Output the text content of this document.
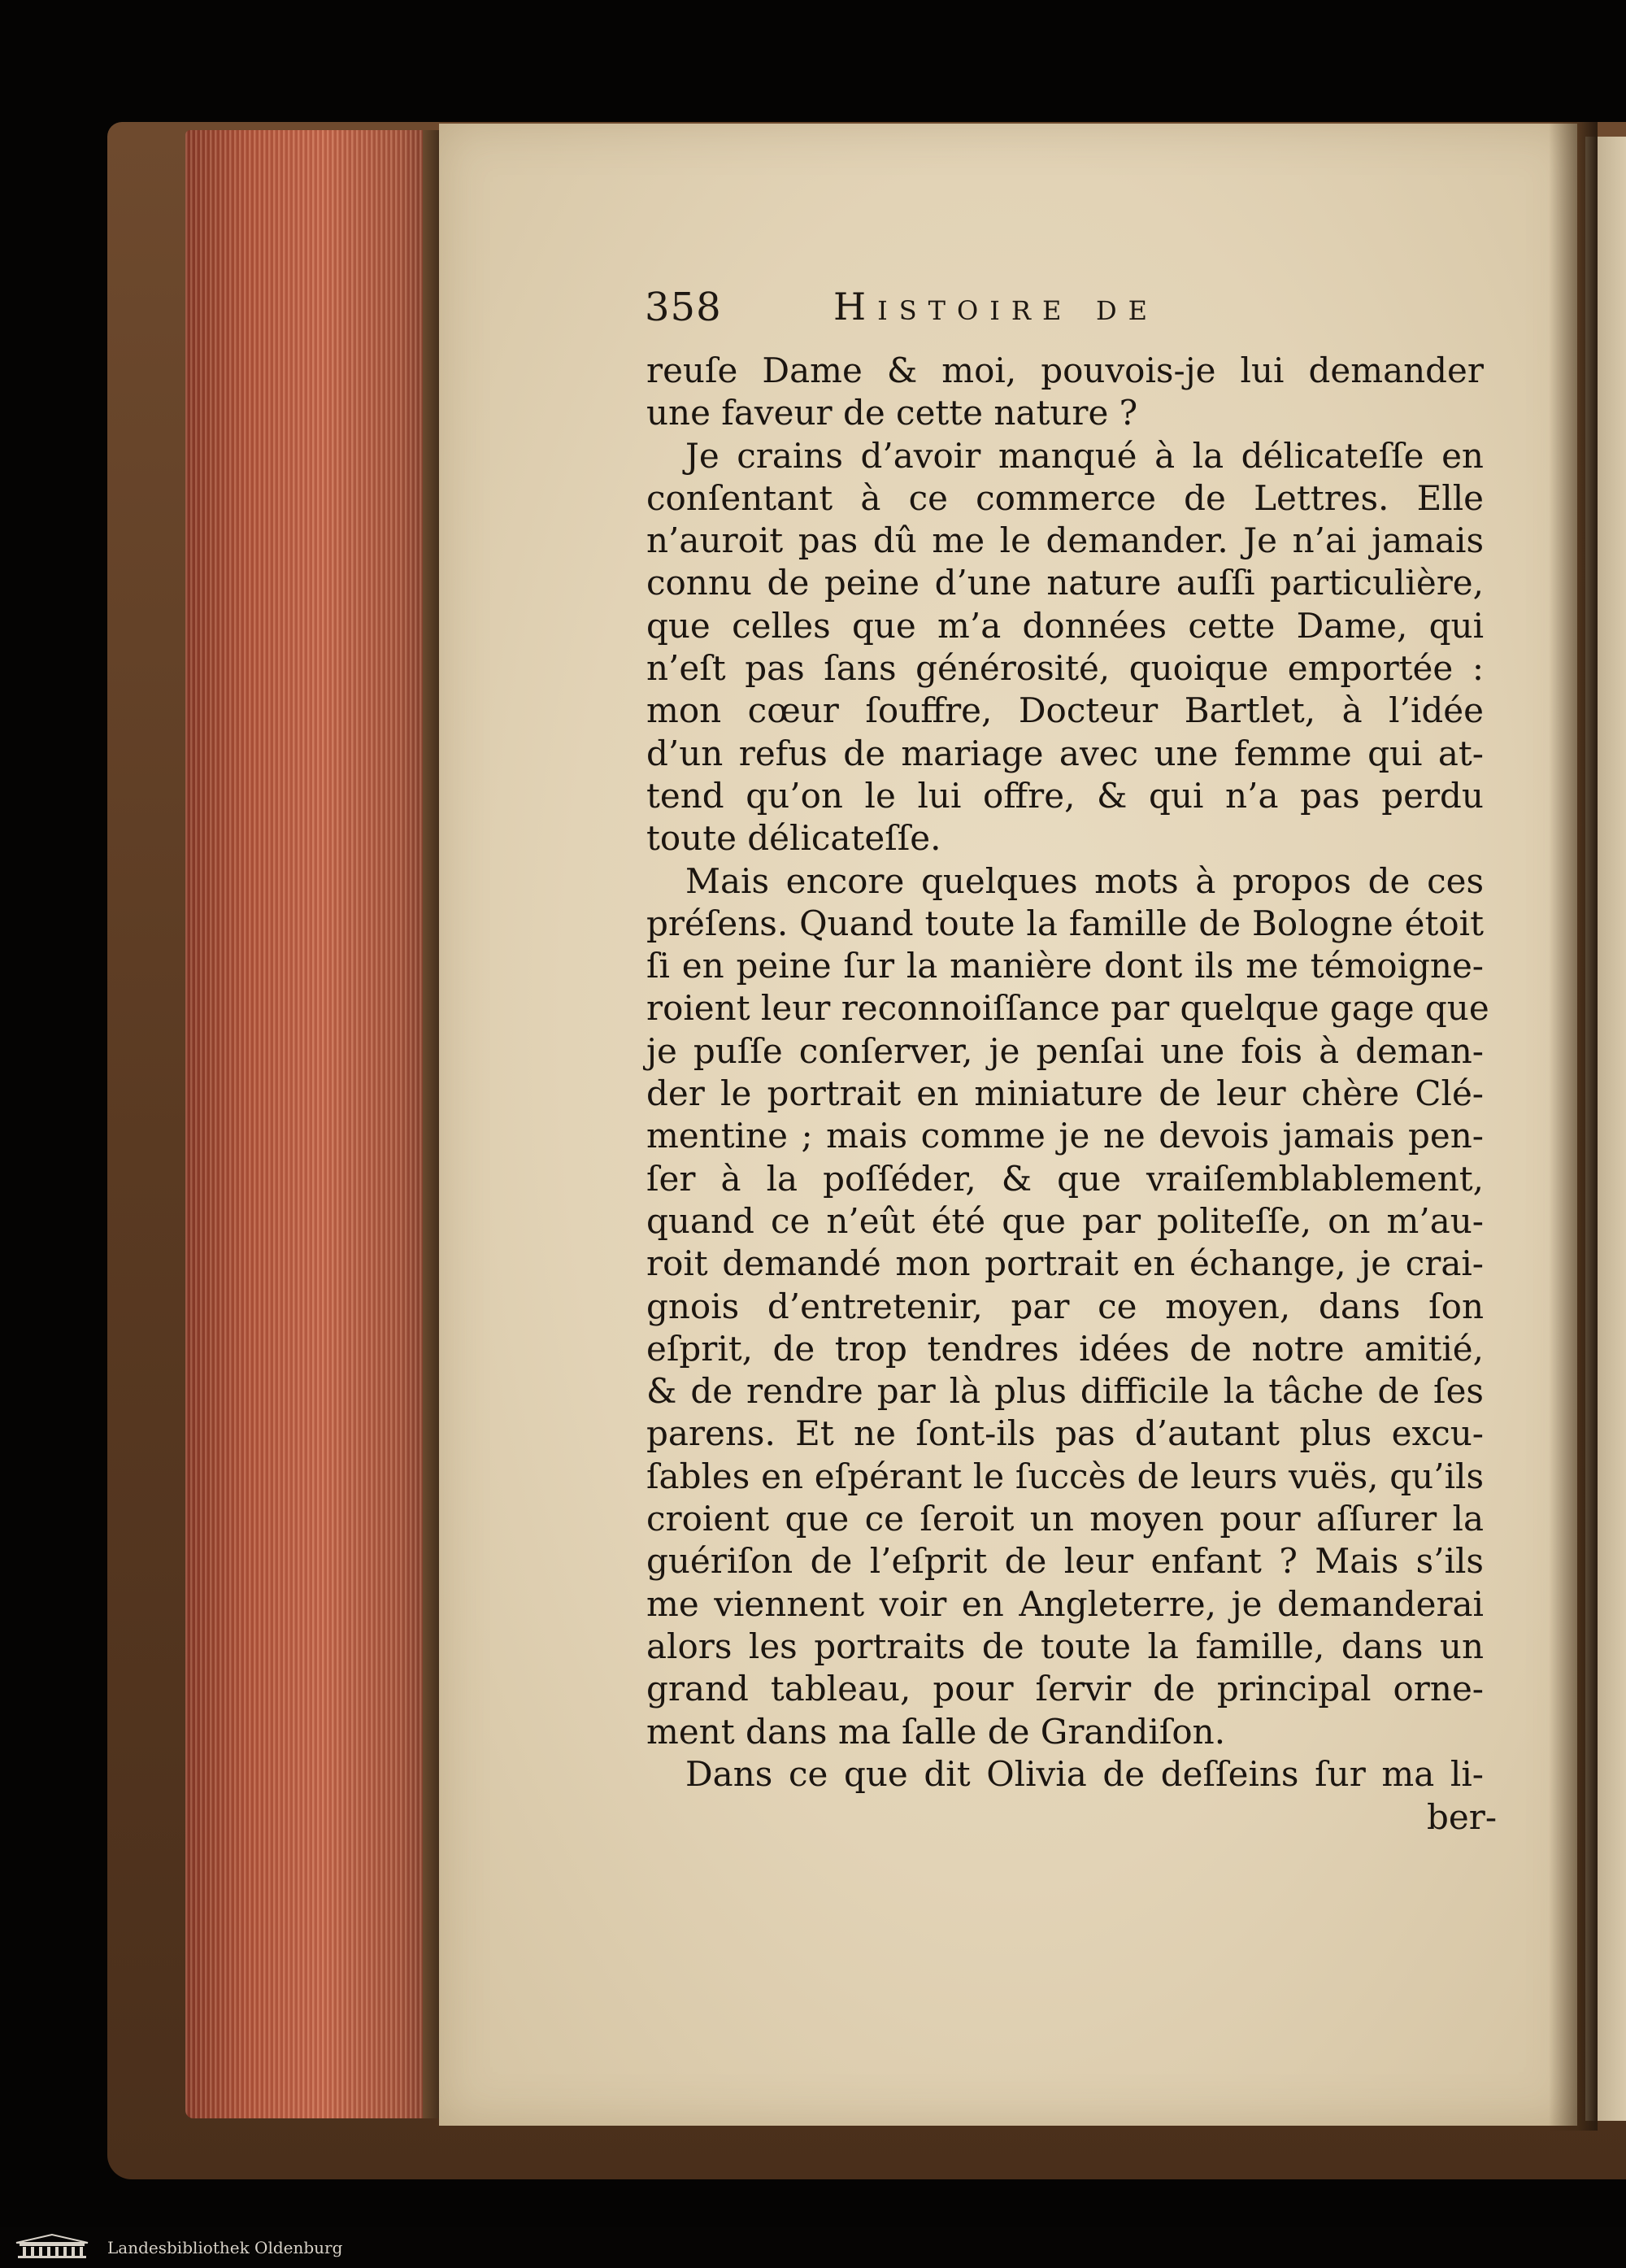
358	Histoire de
reuſe Dame & moi, pouvois-je lui demander
une faveur de cette nature ?
Je crains d’avoir manqué à la délicateſſe en
conſentant à ce commerce de Lettres. Elle
n’auroit pas dû me le demander. Je n’ai jamais
connu de peine d’une nature auſſi particulière,
que celles que m’a données cette Dame, qui
n’eſt pas ſans générosité, quoique emportée :
mon cœur ſouffre, Docteur Bartlet, à l’idée
d’un refus de mariage avec une femme qui at-
tend qu’on le lui offre, & qui n’a pas perdu
toute délicateſſe.
Mais encore quelques mots à propos de ces
préſens. Quand toute la famille de Bologne étoit
ſi en peine ſur la manière dont ils me témoigne-
roient leur reconnoiſſance par quelque gage que
je puſſe conſerver, je penſai une fois à deman-
der le portrait en miniature de leur chère Clé-
mentine ; mais comme je ne devois jamais pen-
ſer à la poſſéder, & que vraiſemblablement,
quand ce n’eût été que par politeſſe, on m’au-
roit demandé mon portrait en échange, je crai-
gnois d’entretenir, par ce moyen, dans ſon
eſprit, de trop tendres idées de notre amitié,
& de rendre par là plus difficile la tâche de ſes
parens. Et ne ſont-ils pas d’autant plus excu-
ſables en eſpérant le ſuccès de leurs vuës, qu’ils
croient que ce ſeroit un moyen pour aſſurer la
guériſon de l’eſprit de leur enfant ? Mais s’ils
me viennent voir en Angleterre, je demanderai
alors les portraits de toute la famille, dans un
grand tableau, pour ſervir de principal orne-
ment dans ma ſalle de Grandiſon.
Dans ce que dit Olivia de deſſeins ſur ma li-
ber-
Landesbibliothek Oldenburg
